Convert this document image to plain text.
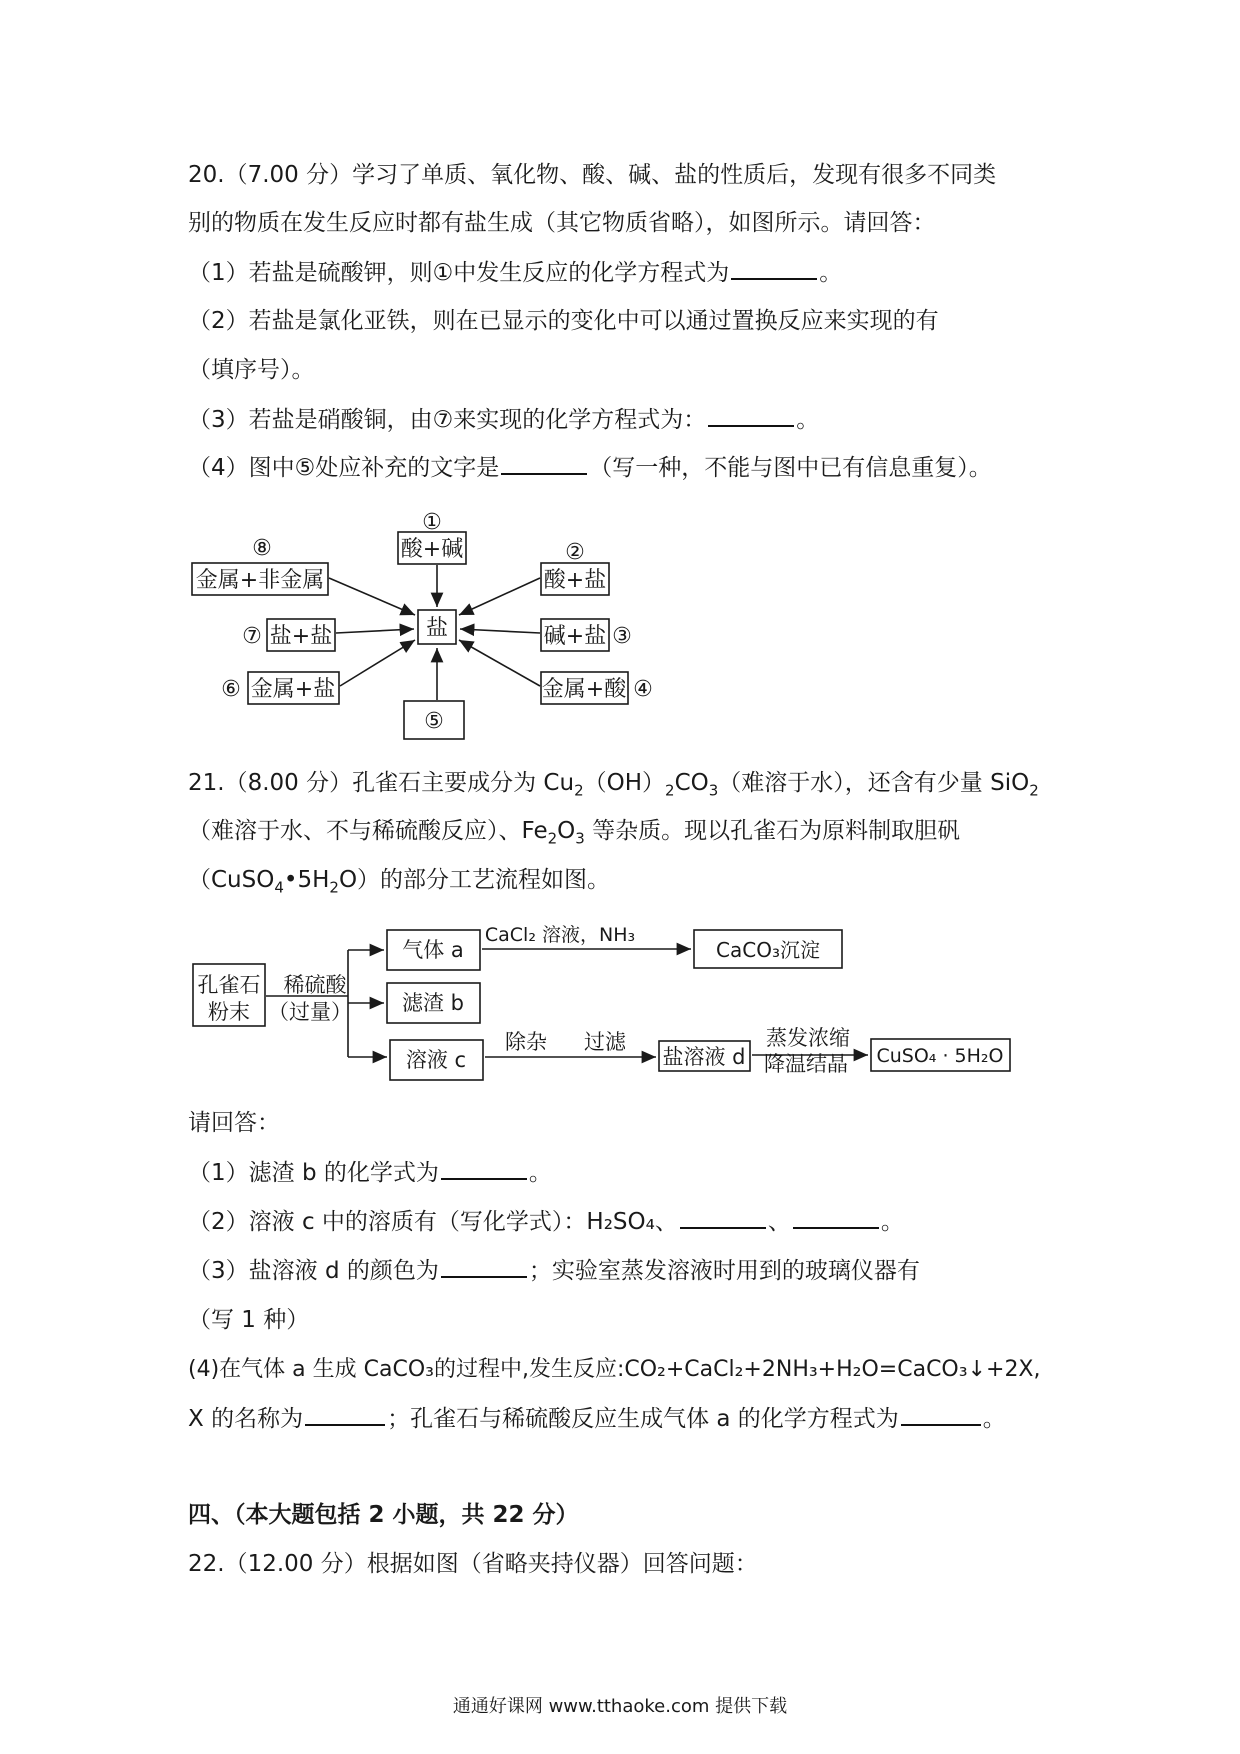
20.（7.00 分）学习了单质、氧化物、酸、碱、盐的性质后，发现有很多不同类
别的物质在发生反应时都有盐生成（其它物质省略），如图所示。请回答：
（1）若盐是硫酸钾，则①中发生反应的化学方程式为	。
（2）若盐是氯化亚铁，则在已显示的变化中可以通过置换反应来实现的有
（填序号）。
（3）若盐是硝酸铜，由⑦来实现的化学方程式为：	。
（4）图中⑤处应补充的文字是	（写一种，不能与图中已有信息重复）。
盐
①
酸+碱	②
酸+盐
碱+盐 ③
金属+酸 ④
⑤
⑥ 金属+盐
⑦ 盐+盐
⑧
金属+非金属
21.（8.00 分）孔雀石主要成分为 $Cu_2(OH)_2CO_3$（难溶于水），还含有少量 SiO$_2$
（难溶于水、不与稀硫酸反应）、$Fe_2O_3$ 等杂质。现以孔雀石为原料制取胆矾
$(CuSO_4•5H_2O)$的部分工艺流程如图。
孔雀石
粉末
稀硫酸
（过量）
气体 a
CaCl₂ 溶液，NH₃
CaCO₃沉淀
滤渣 b
溶液 c
除杂 过滤
盐溶液 d
蒸发浓缩
降温结晶 CuSO₄ · 5H₂O
请回答：
（1）滤渣 b 的化学式为	。
（2）溶液 c 中的溶质有（写化学式）：H₂SO₄、	、	。
（3）盐溶液 d 的颜色为	；实验室蒸发溶液时用到的玻璃仪器有
（写 1 种）
(4)在气体 a 生成 CaCO₃的过程中,发生反应:CO₂+CaCl₂+2NH₃+H₂O=CaCO₃↓+2X,
X 的名称为	；孔雀石与稀硫酸反应生成气体 a 的化学方程式为	。
四、（本大题包括 2 小题，共 22 分）
22.（12.00 分）根据如图（省略夹持仪器）回答问题：
通通好课网 www.tthaoke.com 提供下载
